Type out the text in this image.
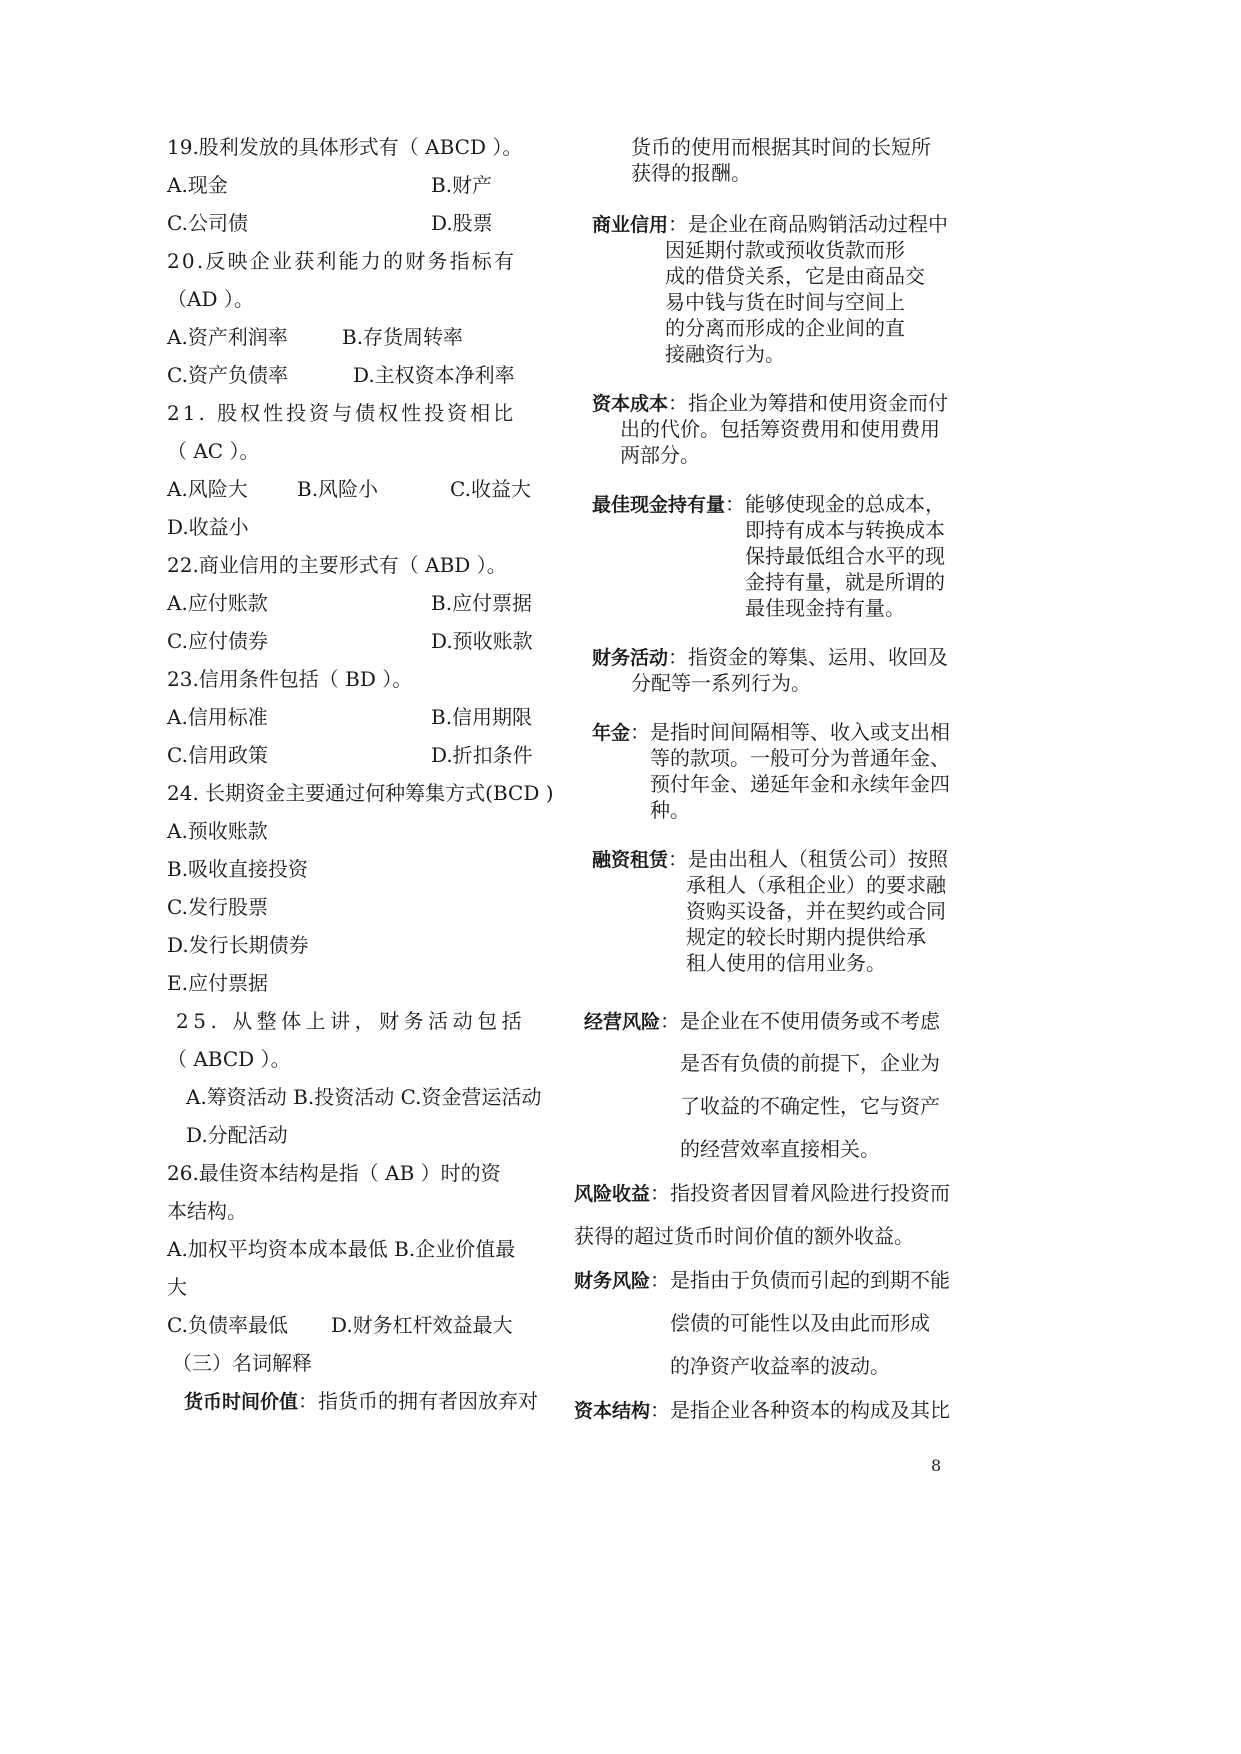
19.股利发放的具体形式有（ ABCD ）。
A.现金	B.财产
C.公司债	D.股票
20.反映企业获利能力的财务指标有
（AD ）。
A.资产利润率	B.存货周转率
C.资产负债率	D.主权资本净利率
21. 股权性投资与债权性投资相比
（ AC ）。
A.风险大 B.风险小	C.收益大
D.收益小
22.商业信用的主要形式有（ ABD ）。
A.应付账款	B.应付票据
C.应付债券	D.预收账款
23.信用条件包括（ BD ）。
A.信用标准	B.信用期限
C.信用政策	D.折扣条件
24. 长期资金主要通过何种筹集方式(BCD )
A.预收账款
B.吸收直接投资
C.发行股票
D.发行长期债券
E.应付票据
25. 从整体上讲，财务活动包括
（ ABCD ）。
A.筹资活动 B.投资活动 C.资金营运活动
D.分配活动
26.最佳资本结构是指（ AB ）时的资
本结构。
A.加权平均资本成本最低 B.企业价值最
大
C.负债率最低 D.财务杠杆效益最大
（三）名词解释
货币时间价值：指货币的拥有者因放弃对
货币的使用而根据其时间的长短所
获得的报酬。
商业信用：是企业在商品购销活动过程中
因延期付款或预收货款而形
成的借贷关系，它是由商品交
易中钱与货在时间与空间上
的分离而形成的企业间的直
接融资行为。
资本成本：指企业为筹措和使用资金而付
出的代价。包括筹资费用和使用费用
两部分。
最佳现金持有量：能够使现金的总成本，
即持有成本与转换成本
保持最低组合水平的现
金持有量，就是所谓的
最佳现金持有量。
财务活动：指资金的筹集、运用、收回及
分配等一系列行为。
年金：是指时间间隔相等、收入或支出相
等的款项。一般可分为普通年金、
预付年金、递延年金和永续年金四
种。
融资租赁：是由出租人（租赁公司）按照
承租人（承租企业）的要求融
资购买设备，并在契约或合同
规定的较长时期内提供给承
租人使用的信用业务。
经营风险：是企业在不使用债务或不考虑
是否有负债的前提下，企业为
了收益的不确定性，它与资产
的经营效率直接相关。
风险收益：指投资者因冒着风险进行投资而
获得的超过货币时间价值的额外收益。
财务风险：是指由于负债而引起的到期不能
偿债的可能性以及由此而形成
的净资产收益率的波动。
资本结构：是指企业各种资本的构成及其比
8
